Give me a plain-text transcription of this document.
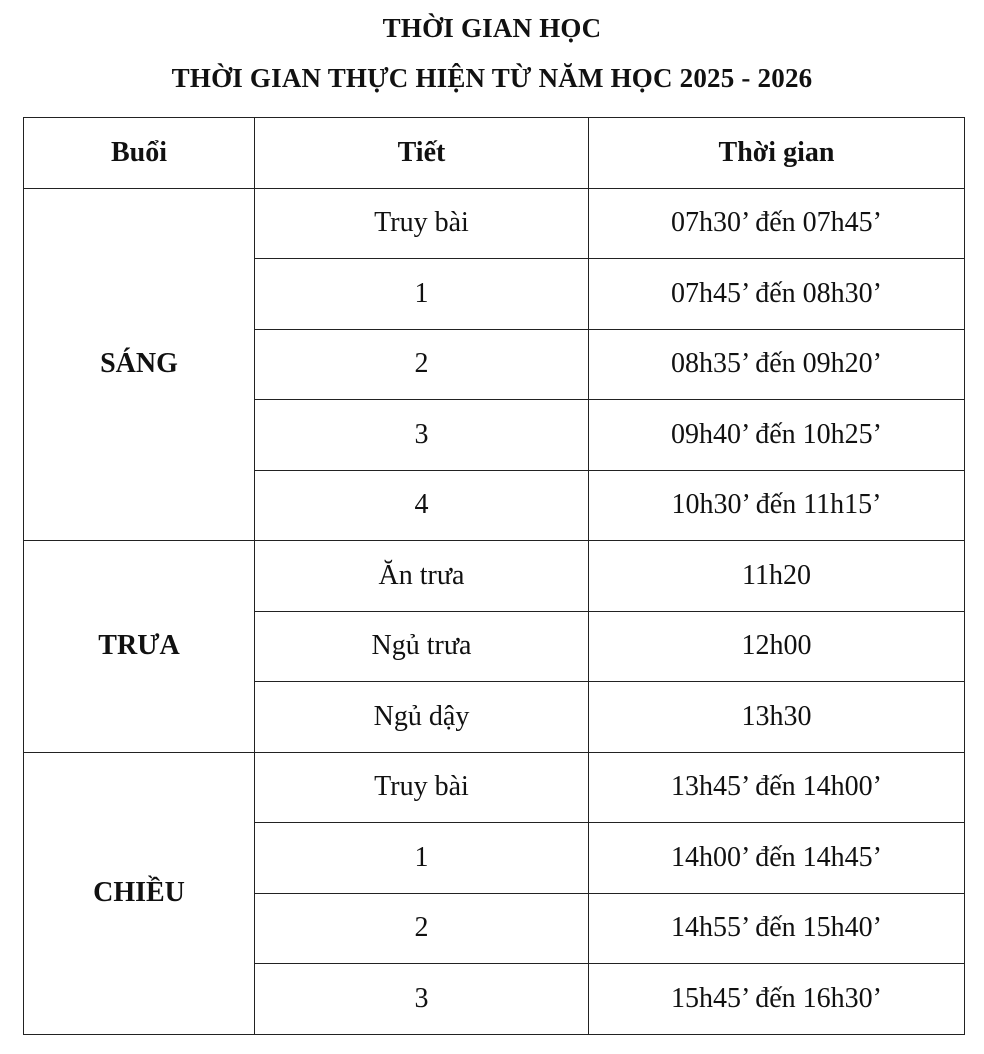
THỜI GIAN HỌC
THỜI GIAN THỰC HIỆN TỪ NĂM HỌC 2025 - 2026
Buổi	Tiết	Thời gian
SÁNG	Truy bài	07h30’ đến 07h45’
	1	07h45’ đến 08h30’
	2	08h35’ đến 09h20’
	3	09h40’ đến 10h25’
	4	10h30’ đến 11h15’
TRƯA	Ăn trưa	11h20
	Ngủ trưa	12h00
	Ngủ dậy	13h30
CHIỀU	Truy bài	13h45’ đến 14h00’
	1	14h00’ đến 14h45’
	2	14h55’ đến 15h40’
	3	15h45’ đến 16h30’
